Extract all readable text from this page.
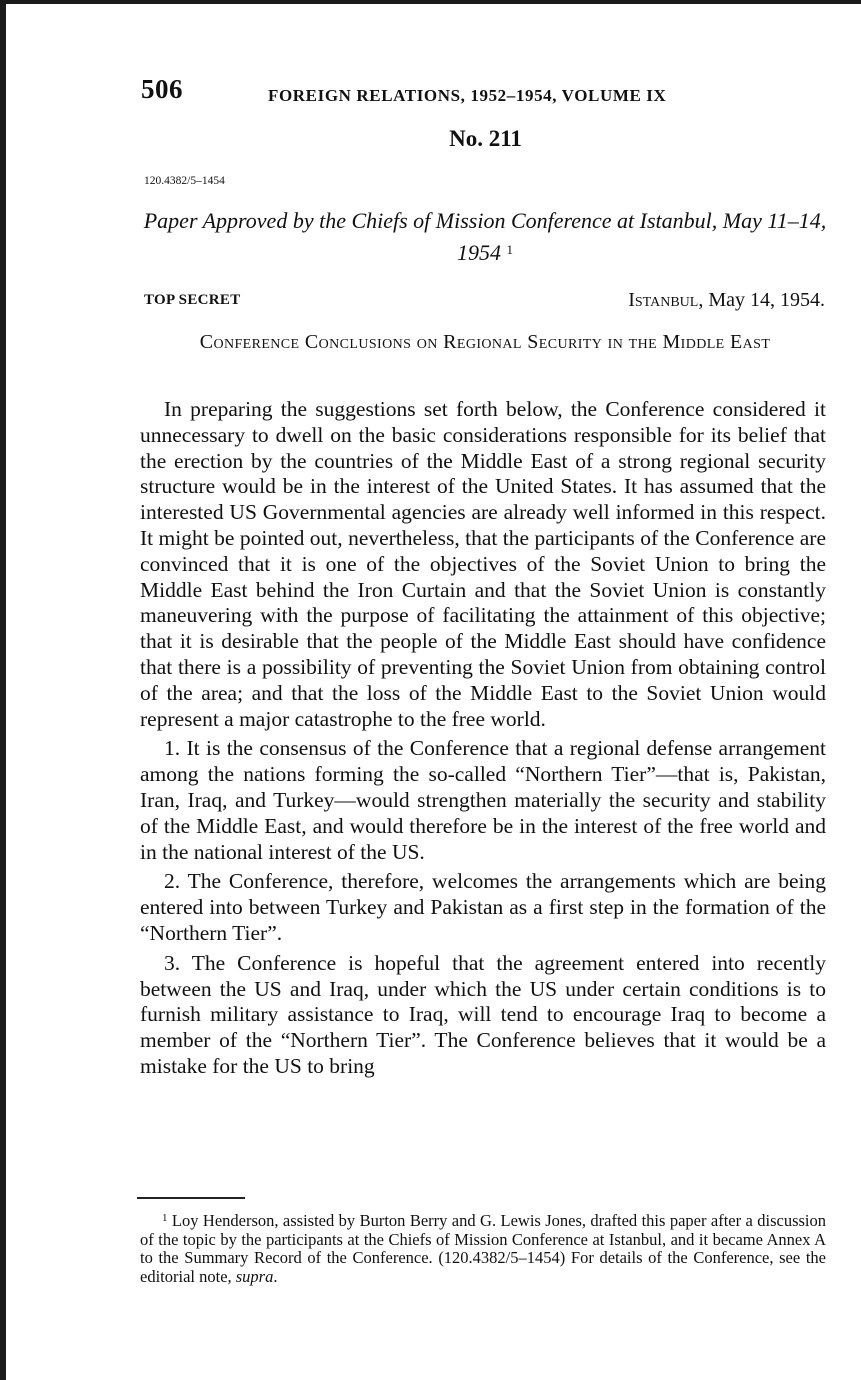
506	FOREIGN RELATIONS, 1952–1954, VOLUME IX
No. 211
120.4382/5–1454
Paper Approved by the Chiefs of Mission Conference at Istanbul, May 11–14, 1954 $^1$
TOP SECRET	Istanbul, May 14, 1954.
Conference Conclusions on Regional Security in the Middle East

In preparing the suggestions set forth below, the Conference considered it unnecessary to dwell on the basic considerations responsible for its belief that the erection by the countries of the Middle East of a strong regional security structure would be in the interest of the United States. It has assumed that the interested US Governmental agencies are already well informed in this respect. It might be pointed out, nevertheless, that the participants of the Conference are convinced that it is one of the objectives of the Soviet Union to bring the Middle East behind the Iron Curtain and that the Soviet Union is constantly maneuvering with the purpose of facilitating the attainment of this objective; that it is desirable that the people of the Middle East should have confidence that there is a possibility of preventing the Soviet Union from obtaining control of the area; and that the loss of the Middle East to the Soviet Union would represent a major catastrophe to the free world.

1. It is the consensus of the Conference that a regional defense arrangement among the nations forming the so-called “Northern Tier”—that is, Pakistan, Iran, Iraq, and Turkey—would strengthen materially the security and stability of the Middle East, and would therefore be in the interest of the free world and in the national interest of the US.

2. The Conference, therefore, welcomes the arrangements which are being entered into between Turkey and Pakistan as a first step in the formation of the “Northern Tier”.

3. The Conference is hopeful that the agreement entered into recently between the US and Iraq, under which the US under certain conditions is to furnish military assistance to Iraq, will tend to encourage Iraq to become a member of the “Northern Tier”. The Conference believes that it would be a mistake for the US to bring

$^1$ Loy Henderson, assisted by Burton Berry and G. Lewis Jones, drafted this paper after a discussion of the topic by the participants at the Chiefs of Mission Conference at Istanbul, and it became Annex A to the Summary Record of the Conference. (120.4382/5–1454) For details of the Conference, see the editorial note, supra.
